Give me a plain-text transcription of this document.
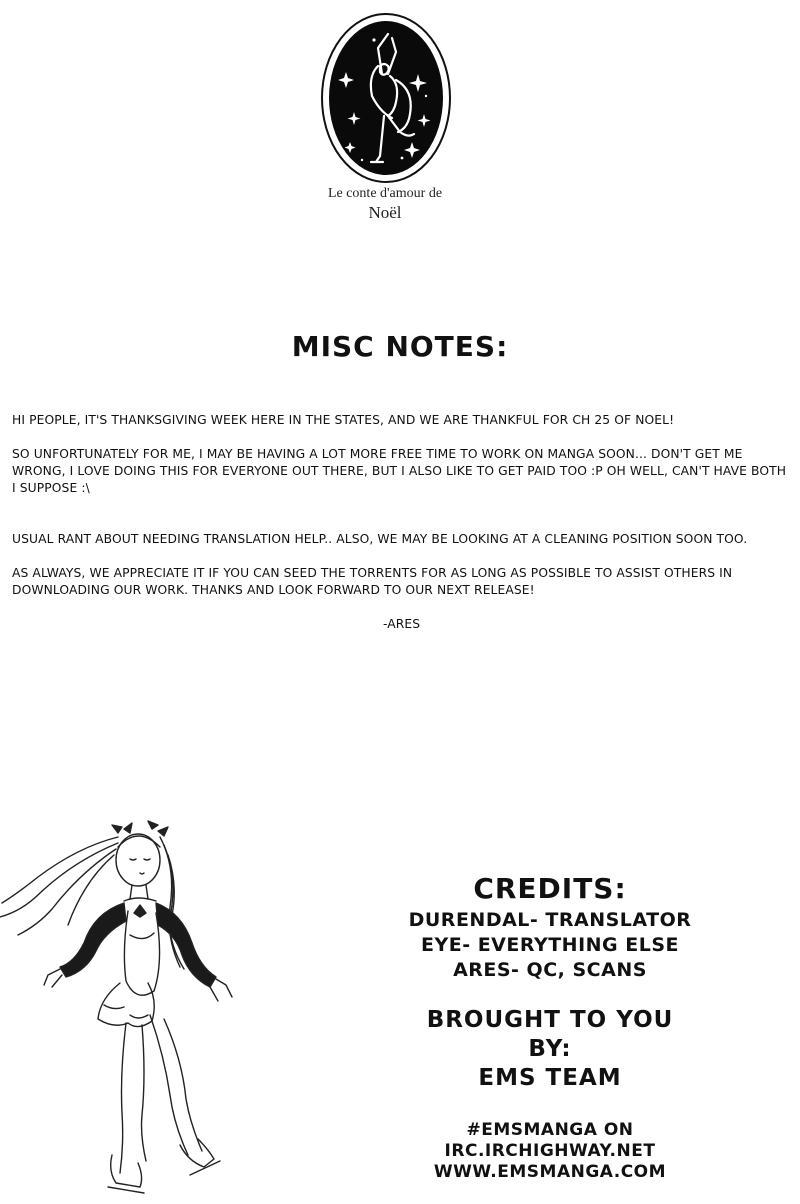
Le conte d'amour de
Noël
MISC NOTES:

HI PEOPLE, IT'S THANKSGIVING WEEK HERE IN THE STATES, AND WE ARE THANKFUL FOR CH 25 OF NOEL!

SO UNFORTUNATELY FOR ME, I MAY BE HAVING A LOT MORE FREE TIME TO WORK ON MANGA SOON... DON'T GET ME WRONG, I LOVE DOING THIS FOR EVERYONE OUT THERE, BUT I ALSO LIKE TO GET PAID TOO :P OH WELL, CAN'T HAVE BOTH I SUPPOSE :\

USUAL RANT ABOUT NEEDING TRANSLATION HELP.. ALSO, WE MAY BE LOOKING AT A CLEANING POSITION SOON TOO.

AS ALWAYS, WE APPRECIATE IT IF YOU CAN SEED THE TORRENTS FOR AS LONG AS POSSIBLE TO ASSIST OTHERS IN DOWNLOADING OUR WORK. THANKS AND LOOK FORWARD TO OUR NEXT RELEASE!

-ARES

CREDITS:
DURENDAL- TRANSLATOR
EYE- EVERYTHING ELSE
ARES- QC, SCANS
BROUGHT TO YOU
BY:
EMS TEAM
#EMSMANGA ON
IRC.IRCHIGHWAY.NET
WWW.EMSMANGA.COM
